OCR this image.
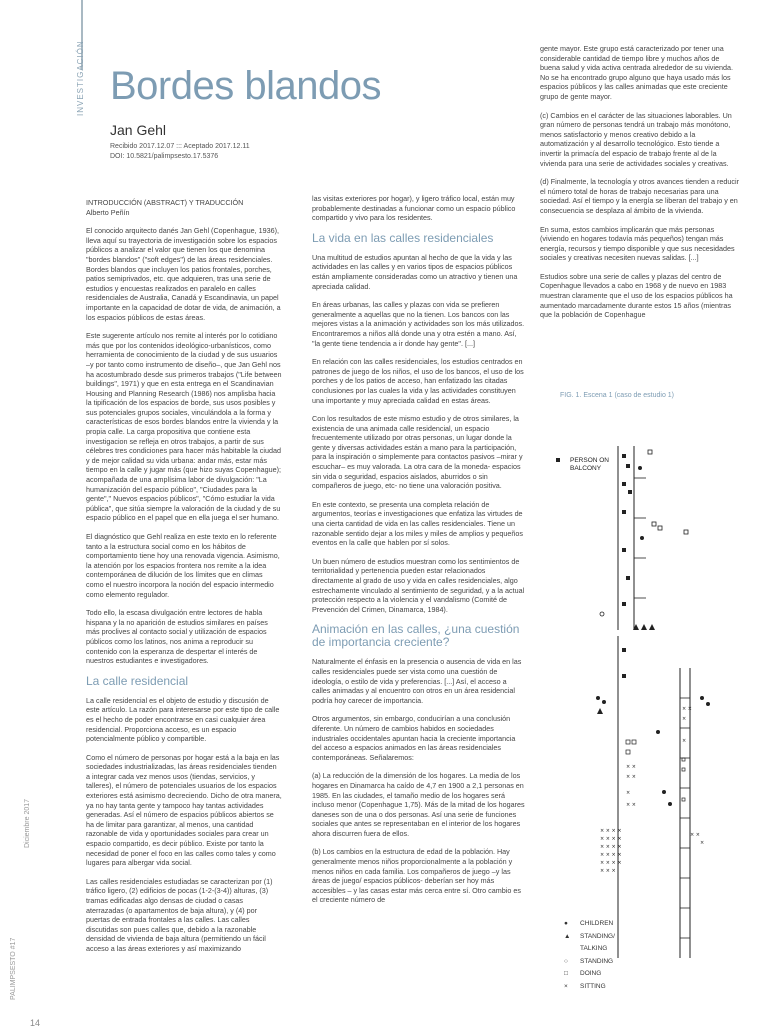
INVESTIGACIÓN Bordes blandos
Jan Gehl
Recibido 2017.12.07 ::: Aceptado 2017.12.11
DOI: 10.5821/palimpsesto.17.5376
Diciembre 2017
PALIMPSESTO #17
14
INTRODUCCIÓN (ABSTRACT) Y TRADUCCIÓN
Alberto Peñín

El conocido arquitecto danés Jan Gehl (Copenhague, 1936), lleva aquí su trayectoria de investigación sobre los espacios públicos a analizar el valor que tienen los que denomina "bordes blandos" ("soft edges") de las áreas residenciales. Bordes blandos que incluyen los patios frontales, porches, patios semiprivados, etc. que adquieren, tras una serie de estudios y encuestas realizados en paralelo en calles residenciales de Australia, Canadá y Escandinavia, un papel importante en la capacidad de dotar de vida, de animación, a los espacios públicos de estas áreas.

Este sugerente artículo nos remite al interés por lo cotidiano más que por los contenidos ideológico-urbanísticos, como herramienta de conocimiento de la ciudad y de sus usuarios –y por tanto como instrumento de diseño–, que Jan Gehl nos ha acostumbrado desde sus primeros trabajos ("Life between buildings", 1971) y que en esta entrega en el Scandinavian Housing and Planning Research (1986) nos amplisba hacia la tipificación de los espacios de borde, sus usos posibles y sus potenciales grupos sociales, vinculándola a la forma y características de esos bordes blandos entre la vivienda y la propia calle. La carga propositiva que contiene esta investigacion se refleja en otros trabajos, a partir de sus célebres tres condiciones para hacer más habitable la ciudad y de mejor calidad su vida urbana: andar más, estar más tiempo en la calle y jugar más (que hizo suyas Copenhague); acompañada de una amplísima labor de divulgación: "La humanización del espacio público", "Ciudades para la gente"," Nuevos espacios públicos", "Cómo estudiar la vida pública", que sitúa siempre la valoración de la ciudad y de su espacio público en el papel que en ella juega el ser humano.

El diagnóstico que Gehl realiza en este texto en lo referente tanto a la estructura social como en los hábitos de comportamiento tiene hoy una renovada vigencia. Asimismo, la atención por los espacios frontera nos remite a la idea contemporánea de dilución de los límites que en climas como el nuestro incorpora la noción del espacio intermedio como elemento regulador.

Todo ello, la escasa divulgación entre lectores de habla hispana y la no aparición de estudios similares en países más proclives al contacto social y utilización de espacios públicos como los latinos, nos anima a reproducir su contenido con la esperanza de despertar el interés de nuestros estudiantes e investigadores.

La calle residencial

La calle residencial es el objeto de estudio y discusión de este artículo. La razón para interesarse por este tipo de calle es el hecho de poder encontrarse en casi cualquier área residencial. Proporciona acceso, es un espacio potencialmente público y compartible.

Como el número de personas por hogar está a la baja en las sociedades industrializadas, las áreas residenciales tienden a integrar cada vez menos usos (tiendas, servicios, y talleres), el número de potenciales usuarios de los espacios exteriores está asimismo decreciendo. Dicho de otra manera, ya no hay tanta gente y tampoco hay tantas actividades generadas. Así el número de espacios públicos abiertos se ha de limitar para garantizar, al menos, una cantidad razonable de vida y oportunidades sociales para crear un espacio compartido, es decir público. Existe por tanto la necesidad de poner el foco en las calles como tales y como lugares para albergar vida social.

Las calles residenciales estudiadas se caracterizan por (1) tráfico ligero, (2) edificios de pocas (1-2-(3-4)) alturas, (3) tramas edificadas algo densas de ciudad o casas aterrazadas (o apartamentos de baja altura), y (4) por puertas de entrada frontales a las calles. Las calles discutidas son pues calles que, debido a la razonable densidad de vivienda de baja altura (permitiendo un fácil acceso a las áreas exteriores y así maximizando

las visitas exteriores por hogar), y ligero tráfico local, están muy probablemente destinadas a funcionar como un espacio público compartido y vivo para los residentes.

La vida en las calles residenciales

Una multitud de estudios apuntan al hecho de que la vida y las actividades en las calles y en varios tipos de espacios públicos están ampliamente consideradas como un atractivo y tienen una apreciada calidad.

En áreas urbanas, las calles y plazas con vida se prefieren generalmente a aquellas que no la tienen. Los bancos con las mejores vistas a la animación y actividades son los más utilizados. Encontraremos a niños allá donde una y otra estén a mano. Así, "la gente tiene tendencia a ir donde hay gente". [...]

En relación con las calles residenciales, los estudios centrados en patrones de juego de los niños, el uso de los bancos, el uso de los porches y de los patios de acceso, han enfatizado las citadas conclusiones por las cuales la vida y las actividades constituyen una importante y muy apreciada calidad en estas áreas.

Con los resultados de este mismo estudio y de otros similares, la existencia de una animada calle residencial, un espacio frecuentemente utilizado por otras personas, un lugar donde la gente y diversas actividades están a mano para la participación, para la inspiración o simplemente para contactos pasivos –mirar y escuchar– es muy valorada. La otra cara de la moneda- espacios sin vida o seguridad, espacios aislados, aburridos o sin compañeros de juego, etc- no tiene una valoración positiva.

En este contexto, se presenta una completa relación de argumentos, teorías e investigaciones que enfatiza las virtudes de una cierta cantidad de vida en las calles residenciales. Tiene un razonable sentido dejar a los miles y miles de amplios y pequeños eventos en la calle que hablen por sí solos.

Un buen número de estudios muestran como los sentimientos de territorialidad y pertenencia pueden estar relacionados directamente al grado de uso y vida en calles residenciales, algo estrechamente vinculado al sentimiento de seguridad, y a la actual protección respecto a la violencia y el vandalismo (Comité de Prevención del Crimen, Dinamarca, 1984).

Animación en las calles, ¿una cuestión de importancia creciente?

Naturalmente el énfasis en la presencia o ausencia de vida en las calles residenciales puede ser vista como una cuestión de ideología, o estilo de vida y preferencias. [...] Así, el acceso a calles animadas y al encuentro con otros en un área residencial podría hoy carecer de importancia.

Otros argumentos, sin embargo, conducirían a una conclusión diferente. Un número de cambios habidos en sociedades industriales occidentales apuntan hacia la creciente importancia del acceso a espacios animados en las áreas residenciales contemporáneas. Señalaremos:

(a) La reducción de la dimensión de los hogares. La media de los hogares en Dinamarca ha caído de 4,7 en 1900 a 2,1 personas en 1985. En las ciudades, el tamaño medio de los hogares será incluso menor (Copenhague 1,75). Más de la mitad de los hogares daneses son de una o dos personas. Así una serie de funciones sociales que antes se representaban en el interior de los hogares ahora discurren fuera de ellos.

(b) Los cambios en la estructura de edad de la población. Hay generalmente menos niños proporcionalmente a la población y menos niños en cada familia. Los compañeros de juego –y las áreas de juego/ espacios públicos- deberían ser hoy más accesibles – y las casas estar más cerca entre sí. Otro cambio es el creciente número de

gente mayor. Este grupo está caracterizado por tener una considerable cantidad de tiempo libre y muchos años de buena salud y vida activa centrada alrededor de su vivienda. No se ha encontrado grupo alguno que haya usado más los espacios públicos y las calles animadas que este creciente grupo de gente mayor.

(c) Cambios en el carácter de las situaciones laborables. Un gran número de personas tendrá un trabajo más monótono, menos satisfactorio y menos creativo debido a la automatización y al desarrollo tecnológico. Esto tiende a invertir la primacía del espacio de trabajo frente al de la vivienda para una serie de actividades sociales y creativas.

(d) Finalmente, la tecnología y otros avances tienden a reducir el número total de horas de trabajo necesarias para una sociedad. Así el tiempo y la energía se liberan del trabajo y en consecuencia se desplaza al ámbito de la vivienda.

En suma, estos cambios implicarán que más personas (viviendo en hogares todavía más pequeños) tengan más energía, recursos y tiempo disponible y que sus necesidades sociales y creativas necesiten nuevas salidas. [...]

Estudios sobre una serie de calles y plazas del centro de Copenhague llevados a cabo en 1968 y de nuevo en 1983 muestran claramente que el uso de los espacios públicos ha aumentado marcadamente durante estos 15 años (mientras que la población de Copenhague

FIG. 1. Escena 1 (caso de estudio 1)
PERSON ON
BALCONY
× ×
×
×
× ×
× ×
×
× ×
× × × ×
× × × ×
× × × ×
× × × ×
× × × ×
× × ×
× ×
×
● CHILDREN
▲ STANDING/
TALKING
○ STANDING
□ DOING
× SITTING
